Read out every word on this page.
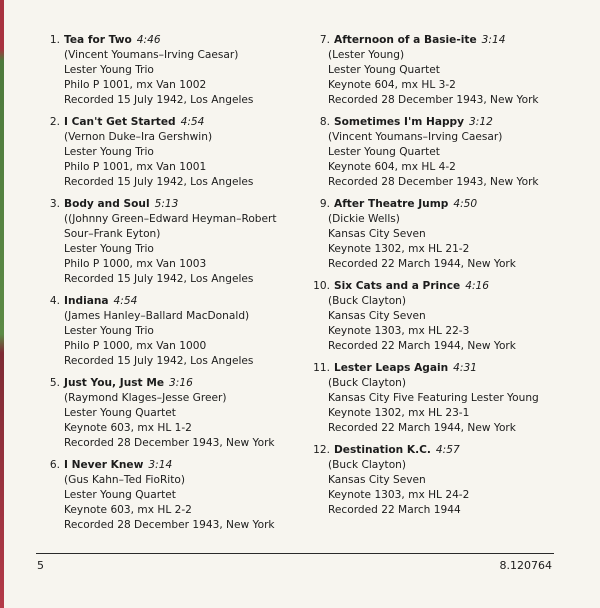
1. Tea for Two 4:46
(Vincent Youmans–Irving Caesar)
Lester Young Trio
Philo P 1001, mx Van 1002
Recorded 15 July 1942, Los Angeles
2. I Can't Get Started 4:54
(Vernon Duke–Ira Gershwin)
Lester Young Trio
Philo P 1001, mx Van 1001
Recorded 15 July 1942, Los Angeles
3. Body and Soul 5:13
((Johnny Green–Edward Heyman–Robert
Sour–Frank Eyton)
Lester Young Trio
Philo P 1000, mx Van 1003
Recorded 15 July 1942, Los Angeles
4. Indiana 4:54
(James Hanley–Ballard MacDonald)
Lester Young Trio
Philo P 1000, mx Van 1000
Recorded 15 July 1942, Los Angeles
5. Just You, Just Me 3:16
(Raymond Klages–Jesse Greer)
Lester Young Quartet
Keynote 603, mx HL 1-2
Recorded 28 December 1943, New York
6. I Never Knew 3:14
(Gus Kahn–Ted FioRito)
Lester Young Quartet
Keynote 603, mx HL 2-2
Recorded 28 December 1943, New York
7. Afternoon of a Basie-ite 3:14
(Lester Young)
Lester Young Quartet
Keynote 604, mx HL 3-2
Recorded 28 December 1943, New York
8. Sometimes I'm Happy 3:12
(Vincent Youmans–Irving Caesar)
Lester Young Quartet
Keynote 604, mx HL 4-2
Recorded 28 December 1943, New York
9. After Theatre Jump 4:50
(Dickie Wells)
Kansas City Seven
Keynote 1302, mx HL 21-2
Recorded 22 March 1944, New York
10. Six Cats and a Prince 4:16
(Buck Clayton)
Kansas City Seven
Keynote 1303, mx HL 22-3
Recorded 22 March 1944, New York
11. Lester Leaps Again 4:31
(Buck Clayton)
Kansas City Five Featuring Lester Young
Keynote 1302, mx HL 23-1
Recorded 22 March 1944, New York
12. Destination K.C. 4:57
(Buck Clayton)
Kansas City Seven
Keynote 1303, mx HL 24-2
Recorded 22 March 1944
5	8.120764
